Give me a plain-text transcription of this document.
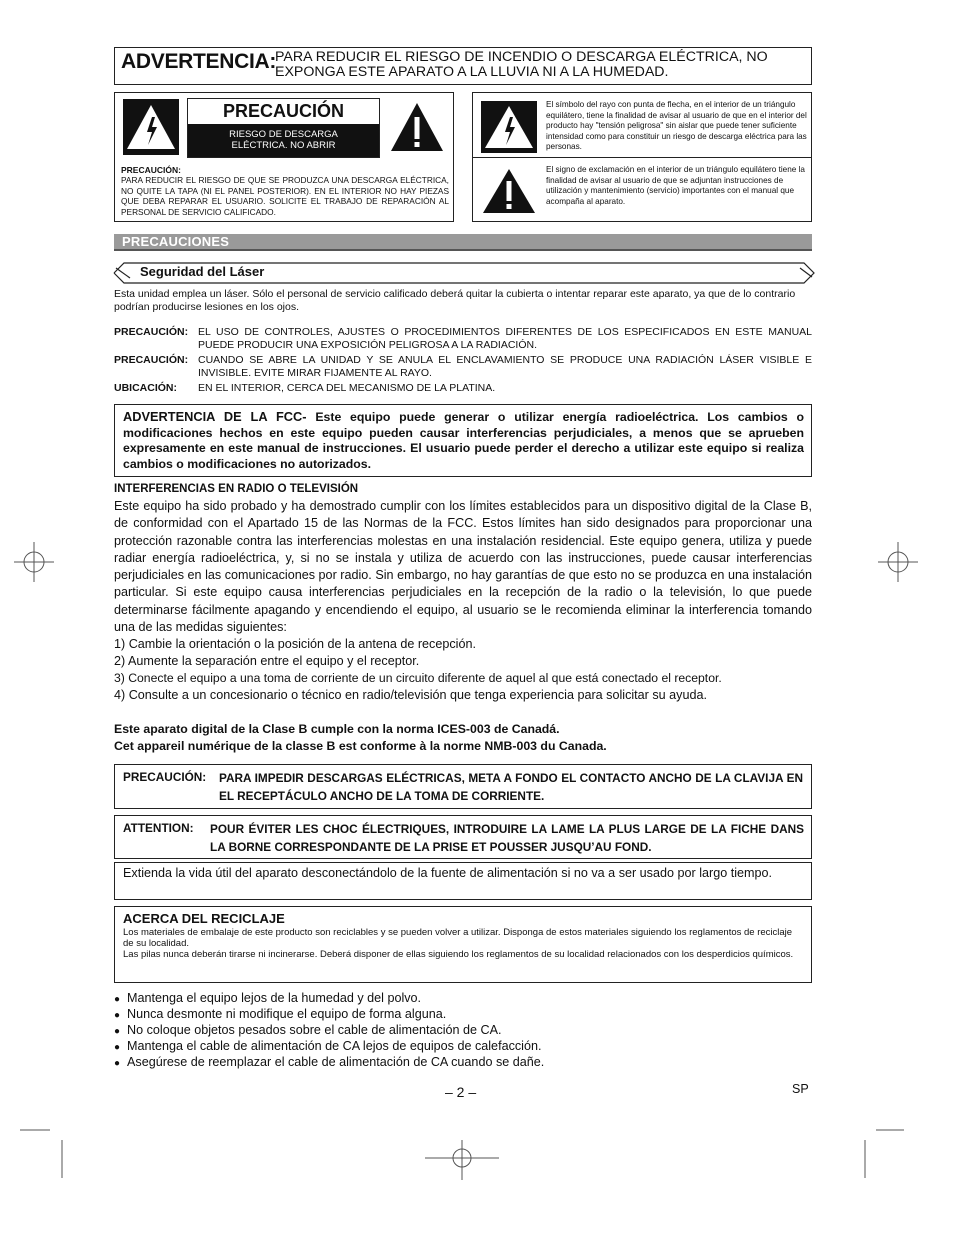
ADVERTENCIA:
PARA REDUCIR EL RIESGO DE INCENDIO O DESCARGA ELÉCTRICA, NO
EXPONGA ESTE APARATO A LA LLUVIA NI A LA HUMEDAD.
PRECAUCIÓN
RIESGO DE DESCARGA
ELÉCTRICA. NO ABRIR
PRECAUCIÓN:
PARA REDUCIR EL RIESGO DE QUE SE PRODUZCA UNA DESCARGA ELÉCTRICA, NO QUITE LA TAPA (NI EL PANEL POSTERIOR). EN EL INTERIOR NO HAY PIEZAS QUE DEBA REPARAR EL USUARIO. SOLICITE EL TRABAJO DE REPARACIÓN AL PERSONAL DE SERVICIO CALIFICADO.
El símbolo del rayo con punta de flecha, en el interior de un triángulo equilátero, tiene la finalidad de avisar al usuario de que en el interior del producto hay "tensión peligrosa" sin aislar que puede tener suficiente intensidad como para constituir un riesgo de descarga eléctrica para las personas.
El signo de exclamación en el interior de un triángulo equilátero tiene la finalidad de avisar al usuario de que se adjuntan instrucciones de utilización y mantenimiento (servicio) importantes con el manual que acompaña al aparato.
PRECAUCIONES
Seguridad del Láser
Esta unidad emplea un láser. Sólo el personal de servicio calificado deberá quitar la cubierta o intentar reparar este aparato, ya que de lo contrario podrían producirse lesiones en los ojos.
PRECAUCIÓN: EL USO DE CONTROLES, AJUSTES O PROCEDIMIENTOS DIFERENTES DE LOS ESPECIFICADOS EN ESTE MANUAL PUEDE PRODUCIR UNA EXPOSICIÓN PELIGROSA A LA RADIACIÓN.
PRECAUCIÓN: CUANDO SE ABRE LA UNIDAD Y SE ANULA EL ENCLAVAMIENTO SE PRODUCE UNA RADIACIÓN LÁSER VISIBLE E INVISIBLE. EVITE MIRAR FIJAMENTE AL RAYO.
UBICACIÓN: EN EL INTERIOR, CERCA DEL MECANISMO DE LA PLATINA.
ADVERTENCIA DE LA FCC- Este equipo puede generar o utilizar energía radioeléctrica. Los cambios o modificaciones hechos en este equipo pueden causar interferencias perjudiciales, a menos que se aprueben expresamente en este manual de instrucciones. El usuario puede perder el derecho a utilizar este equipo si realiza cambios o modificaciones no autorizados.
INTERFERENCIAS EN RADIO O TELEVISIÓN
Este equipo ha sido probado y ha demostrado cumplir con los límites establecidos para un dispositivo digital de la Clase B, de conformidad con el Apartado 15 de las Normas de la FCC. Estos límites han sido designados para proporcionar una protección razonable contra las interferencias molestas en una instalación residencial. Este equipo genera, utiliza y puede radiar energía radioeléctrica, y, si no se instala y utiliza de acuerdo con las instrucciones, puede causar interferencias perjudiciales en las comunicaciones por radio. Sin embargo, no hay garantías de que esto no se produzca en una instalación particular. Si este equipo causa interferencias perjudiciales en la recepción de la radio o la televisión, lo que puede determinarse fácilmente apagando y encendiendo el equipo, al usuario se le recomienda eliminar la interferencia tomando una de las medidas siguientes:
1) Cambie la orientación o la posición de la antena de recepción.
2) Aumente la separación entre el equipo y el receptor.
3) Conecte el equipo a una toma de corriente de un circuito diferente de aquel al que está conectado el receptor.
4) Consulte a un concesionario o técnico en radio/televisión que tenga experiencia para solicitar su ayuda.
Este aparato digital de la Clase B cumple con la norma ICES-003 de Canadá.
Cet appareil numérique de la classe B est conforme à la norme NMB-003 du Canada.
PRECAUCIÓN: PARA IMPEDIR DESCARGAS ELÉCTRICAS, META A FONDO EL CONTACTO ANCHO DE LA CLAVIJA EN EL RECEPTÁCULO ANCHO DE LA TOMA DE CORRIENTE.
ATTENTION: POUR ÉVITER LES CHOC ÉLECTRIQUES, INTRODUIRE LA LAME LA PLUS LARGE DE LA FICHE DANS LA BORNE CORRESPONDANTE DE LA PRISE ET POUSSER JUSQU’AU FOND.
Extienda la vida útil del aparato desconectándolo de la fuente de alimentación si no va a ser usado por largo tiempo.
ACERCA DEL RECICLAJE
Los materiales de embalaje de este producto son reciclables y se pueden volver a utilizar. Disponga de estos materiales siguiendo los reglamentos de reciclaje de su localidad.
Las pilas nunca deberán tirarse ni incinerarse. Deberá disponer de ellas siguiendo los reglamentos de su localidad relacionados con los desperdicios químicos.
● Mantenga el equipo lejos de la humedad y del polvo.
● Nunca desmonte ni modifique el equipo de forma alguna.
● No coloque objetos pesados sobre el cable de alimentación de CA.
● Mantenga el cable de alimentación de CA lejos de equipos de calefacción.
● Asegúrese de reemplazar el cable de alimentación de CA cuando se dañe.
– 2 –	SP
